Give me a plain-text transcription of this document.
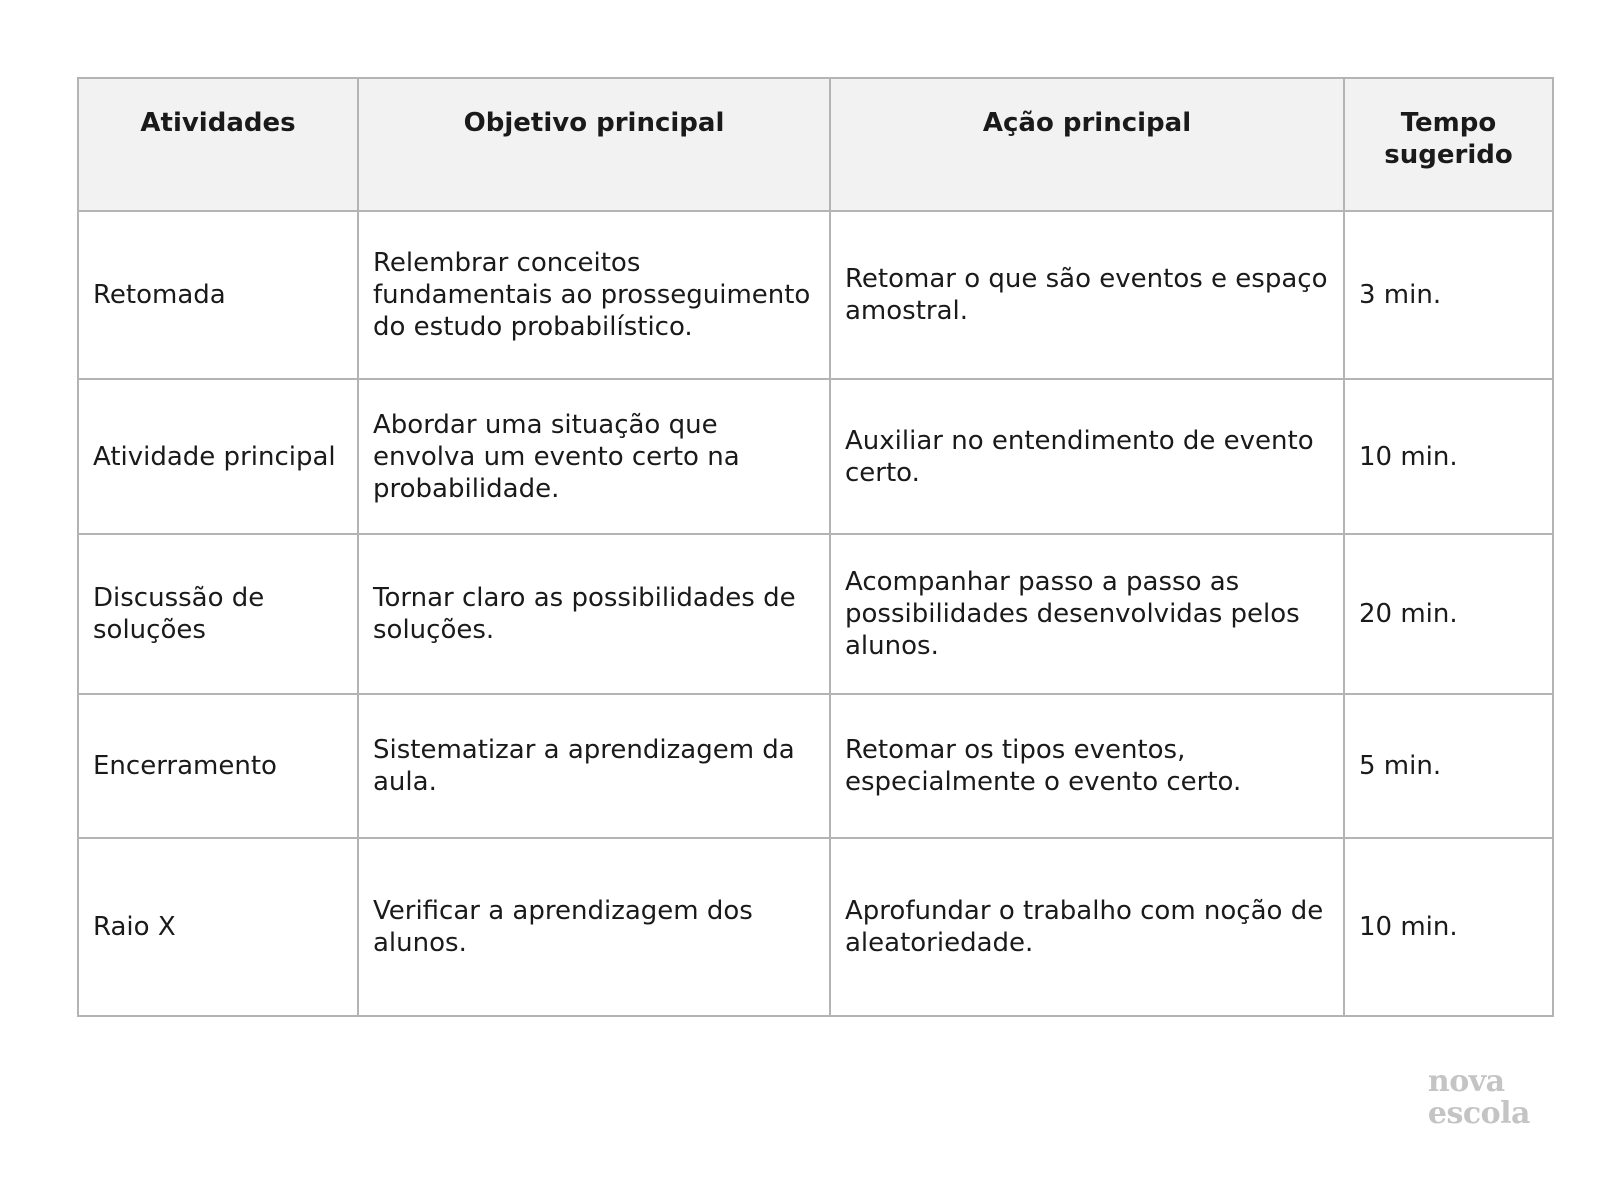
Atividades	Objetivo principal	Ação principal	Tempo sugerido
Retomada	Relembrar conceitos fundamentais ao prosseguimento do estudo probabilístico.	Retomar o que são eventos e espaço amostral.	3 min.
Atividade principal	Abordar uma situação que envolva um evento certo na probabilidade.	Auxiliar no entendimento de evento certo.	10 min.
Discussão de soluções	Tornar claro as possibilidades de soluções.	Acompanhar passo a passo as possibilidades desenvolvidas pelos alunos.	20 min.
Encerramento	Sistematizar a aprendizagem da aula.	Retomar os tipos eventos, especialmente o evento certo.	5 min.
Raio X	Verificar a aprendizagem dos alunos.	Aprofundar o trabalho com noção de aleatoriedade.	10 min.
nova
escola
